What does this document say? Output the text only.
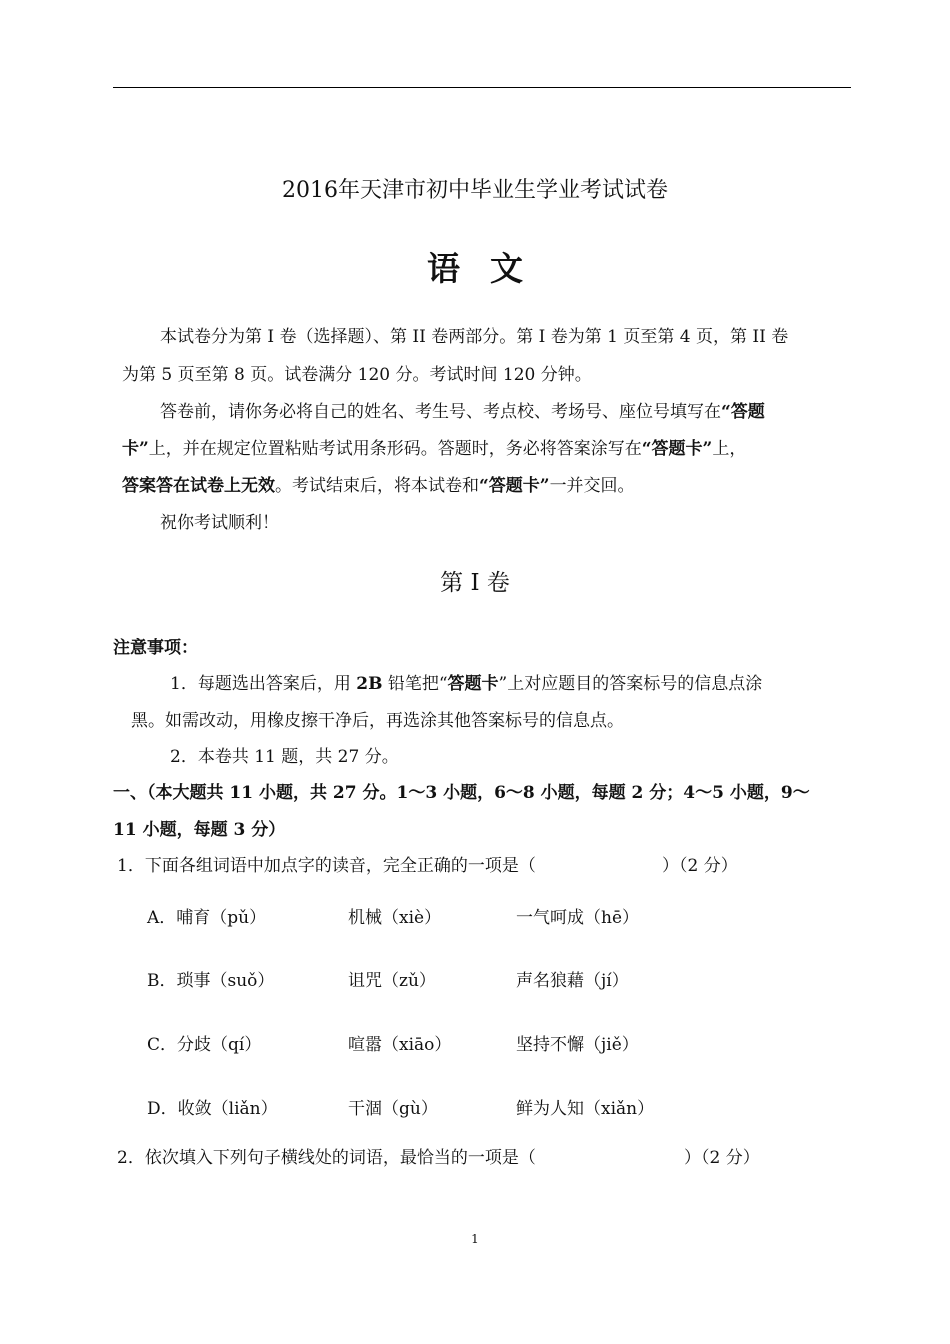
2016年天津市初中毕业生学业考试试卷
语文
本试卷分为第 I 卷（选择题）、第 II 卷两部分。第 I 卷为第 1 页至第 4 页，第 II 卷
为第 5 页至第 8 页。试卷满分 120 分。考试时间 120 分钟。
答卷前，请你务必将自己的姓名、考生号、考点校、考场号、座位号填写在“答题
卡”上，并在规定位置粘贴考试用条形码。答题时，务必将答案涂写在“答题卡”上，
答案答在试卷上无效。考试结束后，将本试卷和“答题卡”一并交回。
祝你考试顺利！
第 I 卷
注意事项：
1．每题选出答案后，用 2B 铅笔把“答题卡”上对应题目的答案标号的信息点涂
黑。如需改动，用橡皮擦干净后，再选涂其他答案标号的信息点。
2．本卷共 11 题，共 27 分。
一、（本大题共 11 小题，共 27 分。1～3 小题，6～8 小题，每题 2 分；4～5 小题，9～
11 小题，每题 3 分）
1．下面各组词语中加点字的读音，完全正确的一项是（	）（2 分）
A．哺育（pǔ）	机械（xiè）	一气呵成（hē）
B．琐事（suǒ）	诅咒（zǔ）	声名狼藉（jí）
C．分歧（qí）	喧嚣（xiāo）	坚持不懈（jiě）
D．收敛（liǎn）	干涸（gù）	鲜为人知（xiǎn）
2．依次填入下列句子横线处的词语，最恰当的一项是（	）（2 分）
1
